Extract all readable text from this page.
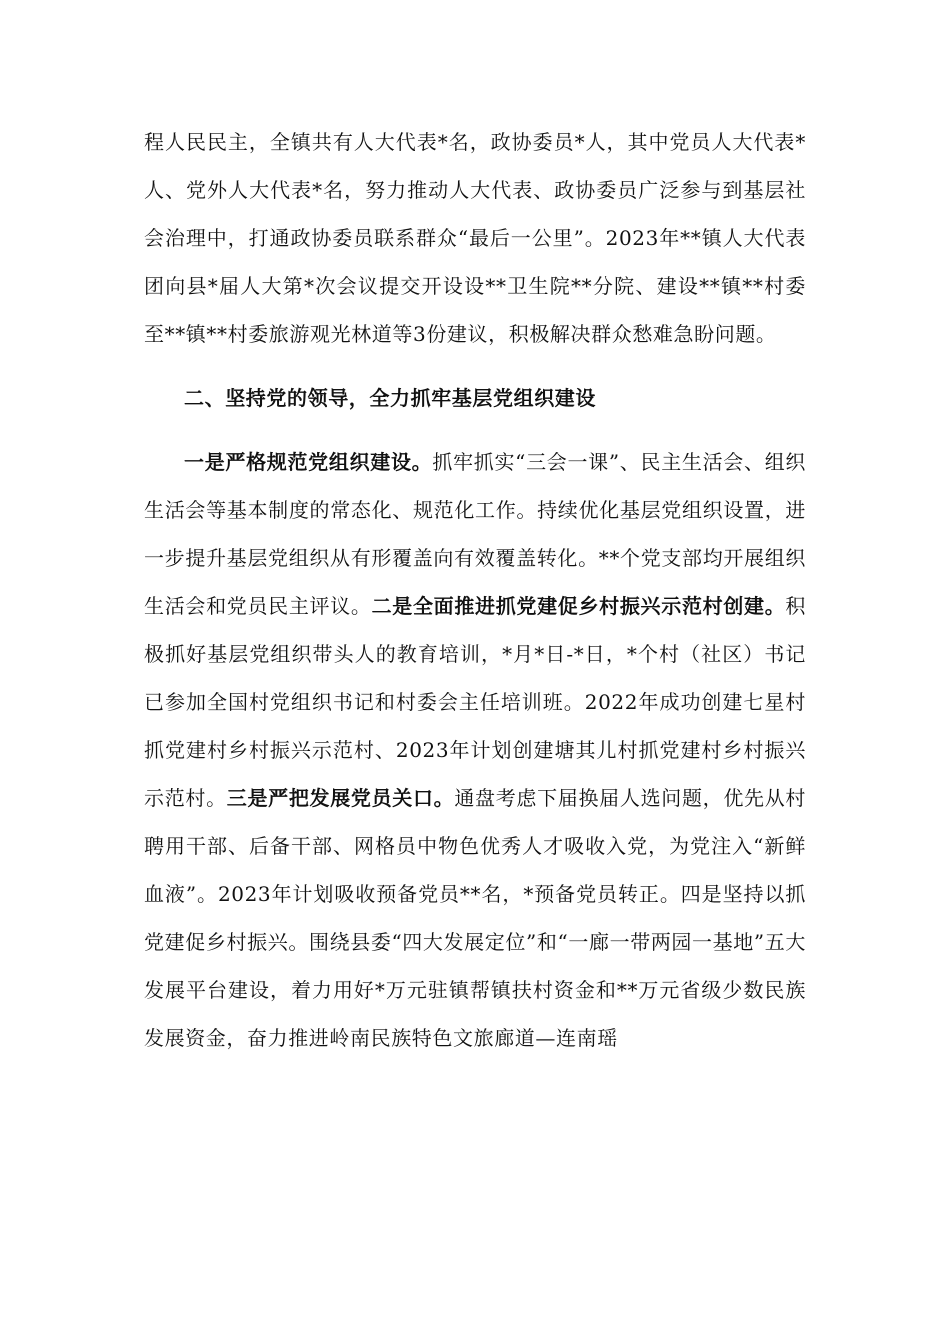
程人民民主，全镇共有人大代表*名，政协委员*人，其中党员人大代表*人、党外人大代表*名，努力推动人大代表、政协委员广泛参与到基层社会治理中，打通政协委员联系群众“最后一公里”。2023年**镇人大代表团向县*届人大第*次会议提交开设设**卫生院**分院、建设**镇**村委至**镇**村委旅游观光林道等3份建议，积极解决群众愁难急盼问题。

二、坚持党的领导，全力抓牢基层党组织建设

一是严格规范党组织建设。抓牢抓实“三会一课”、民主生活会、组织生活会等基本制度的常态化、规范化工作。持续优化基层党组织设置，进一步提升基层党组织从有形覆盖向有效覆盖转化。**个党支部均开展组织生活会和党员民主评议。二是全面推进抓党建促乡村振兴示范村创建。积极抓好基层党组织带头人的教育培训，*月*日-*日，*个村（社区）书记已参加全国村党组织书记和村委会主任培训班。2022年成功创建七星村抓党建村乡村振兴示范村、2023年计划创建塘其儿村抓党建村乡村振兴示范村。三是严把发展党员关口。通盘考虑下届换届人选问题，优先从村聘用干部、后备干部、网格员中物色优秀人才吸收入党，为党注入“新鲜血液”。2023年计划吸收预备党员**名，*预备党员转正。四是坚持以抓党建促乡村振兴。围绕县委“四大发展定位”和“一廊一带两园一基地”五大发展平台建设，着力用好*万元驻镇帮镇扶村资金和**万元省级少数民族发展资金，奋力推进岭南民族特色文旅廊道—连南瑶
